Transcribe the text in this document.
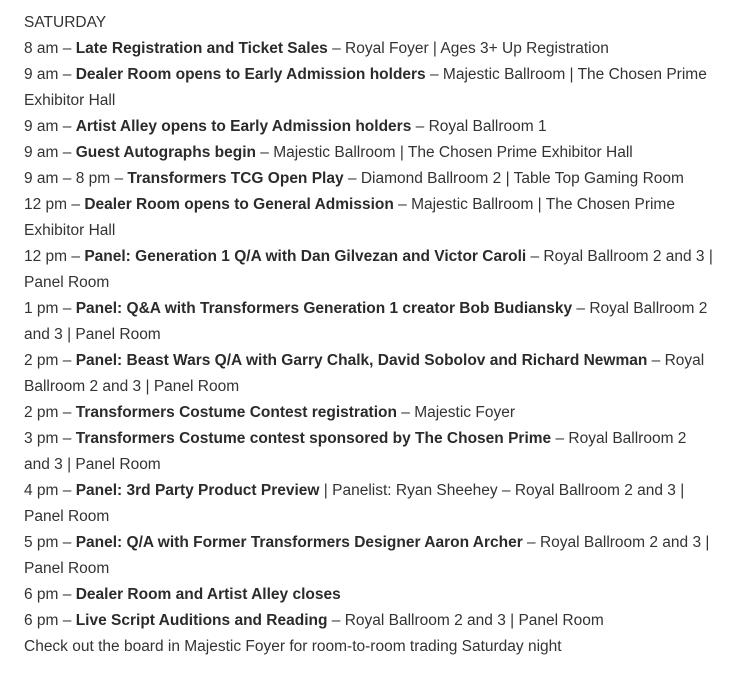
SATURDAY

8 am – Late Registration and Ticket Sales – Royal Foyer | Ages 3+ Up Registration

9 am – Dealer Room opens to Early Admission holders – Majestic Ballroom | The Chosen Prime Exhibitor Hall

9 am – Artist Alley opens to Early Admission holders – Royal Ballroom 1

9 am – Guest Autographs begin – Majestic Ballroom | The Chosen Prime Exhibitor Hall

9 am – 8 pm – Transformers TCG Open Play – Diamond Ballroom 2 | Table Top Gaming Room

12 pm – Dealer Room opens to General Admission – Majestic Ballroom | The Chosen Prime Exhibitor Hall

12 pm – Panel: Generation 1 Q/A with Dan Gilvezan and Victor Caroli – Royal Ballroom 2 and 3 | Panel Room

1 pm – Panel: Q&A with Transformers Generation 1 creator Bob Budiansky – Royal Ballroom 2 and 3 | Panel Room

2 pm – Panel: Beast Wars Q/A with Garry Chalk, David Sobolov and Richard Newman – Royal Ballroom 2 and 3 | Panel Room

2 pm – Transformers Costume Contest registration – Majestic Foyer

3 pm – Transformers Costume contest sponsored by The Chosen Prime – Royal Ballroom 2 and 3 | Panel Room

4 pm – Panel: 3rd Party Product Preview | Panelist: Ryan Sheehey – Royal Ballroom 2 and 3 | Panel Room

5 pm – Panel: Q/A with Former Transformers Designer Aaron Archer – Royal Ballroom 2 and 3 | Panel Room

6 pm – Dealer Room and Artist Alley closes

6 pm – Live Script Auditions and Reading – Royal Ballroom 2 and 3 | Panel Room

Check out the board in Majestic Foyer for room-to-room trading Saturday night
